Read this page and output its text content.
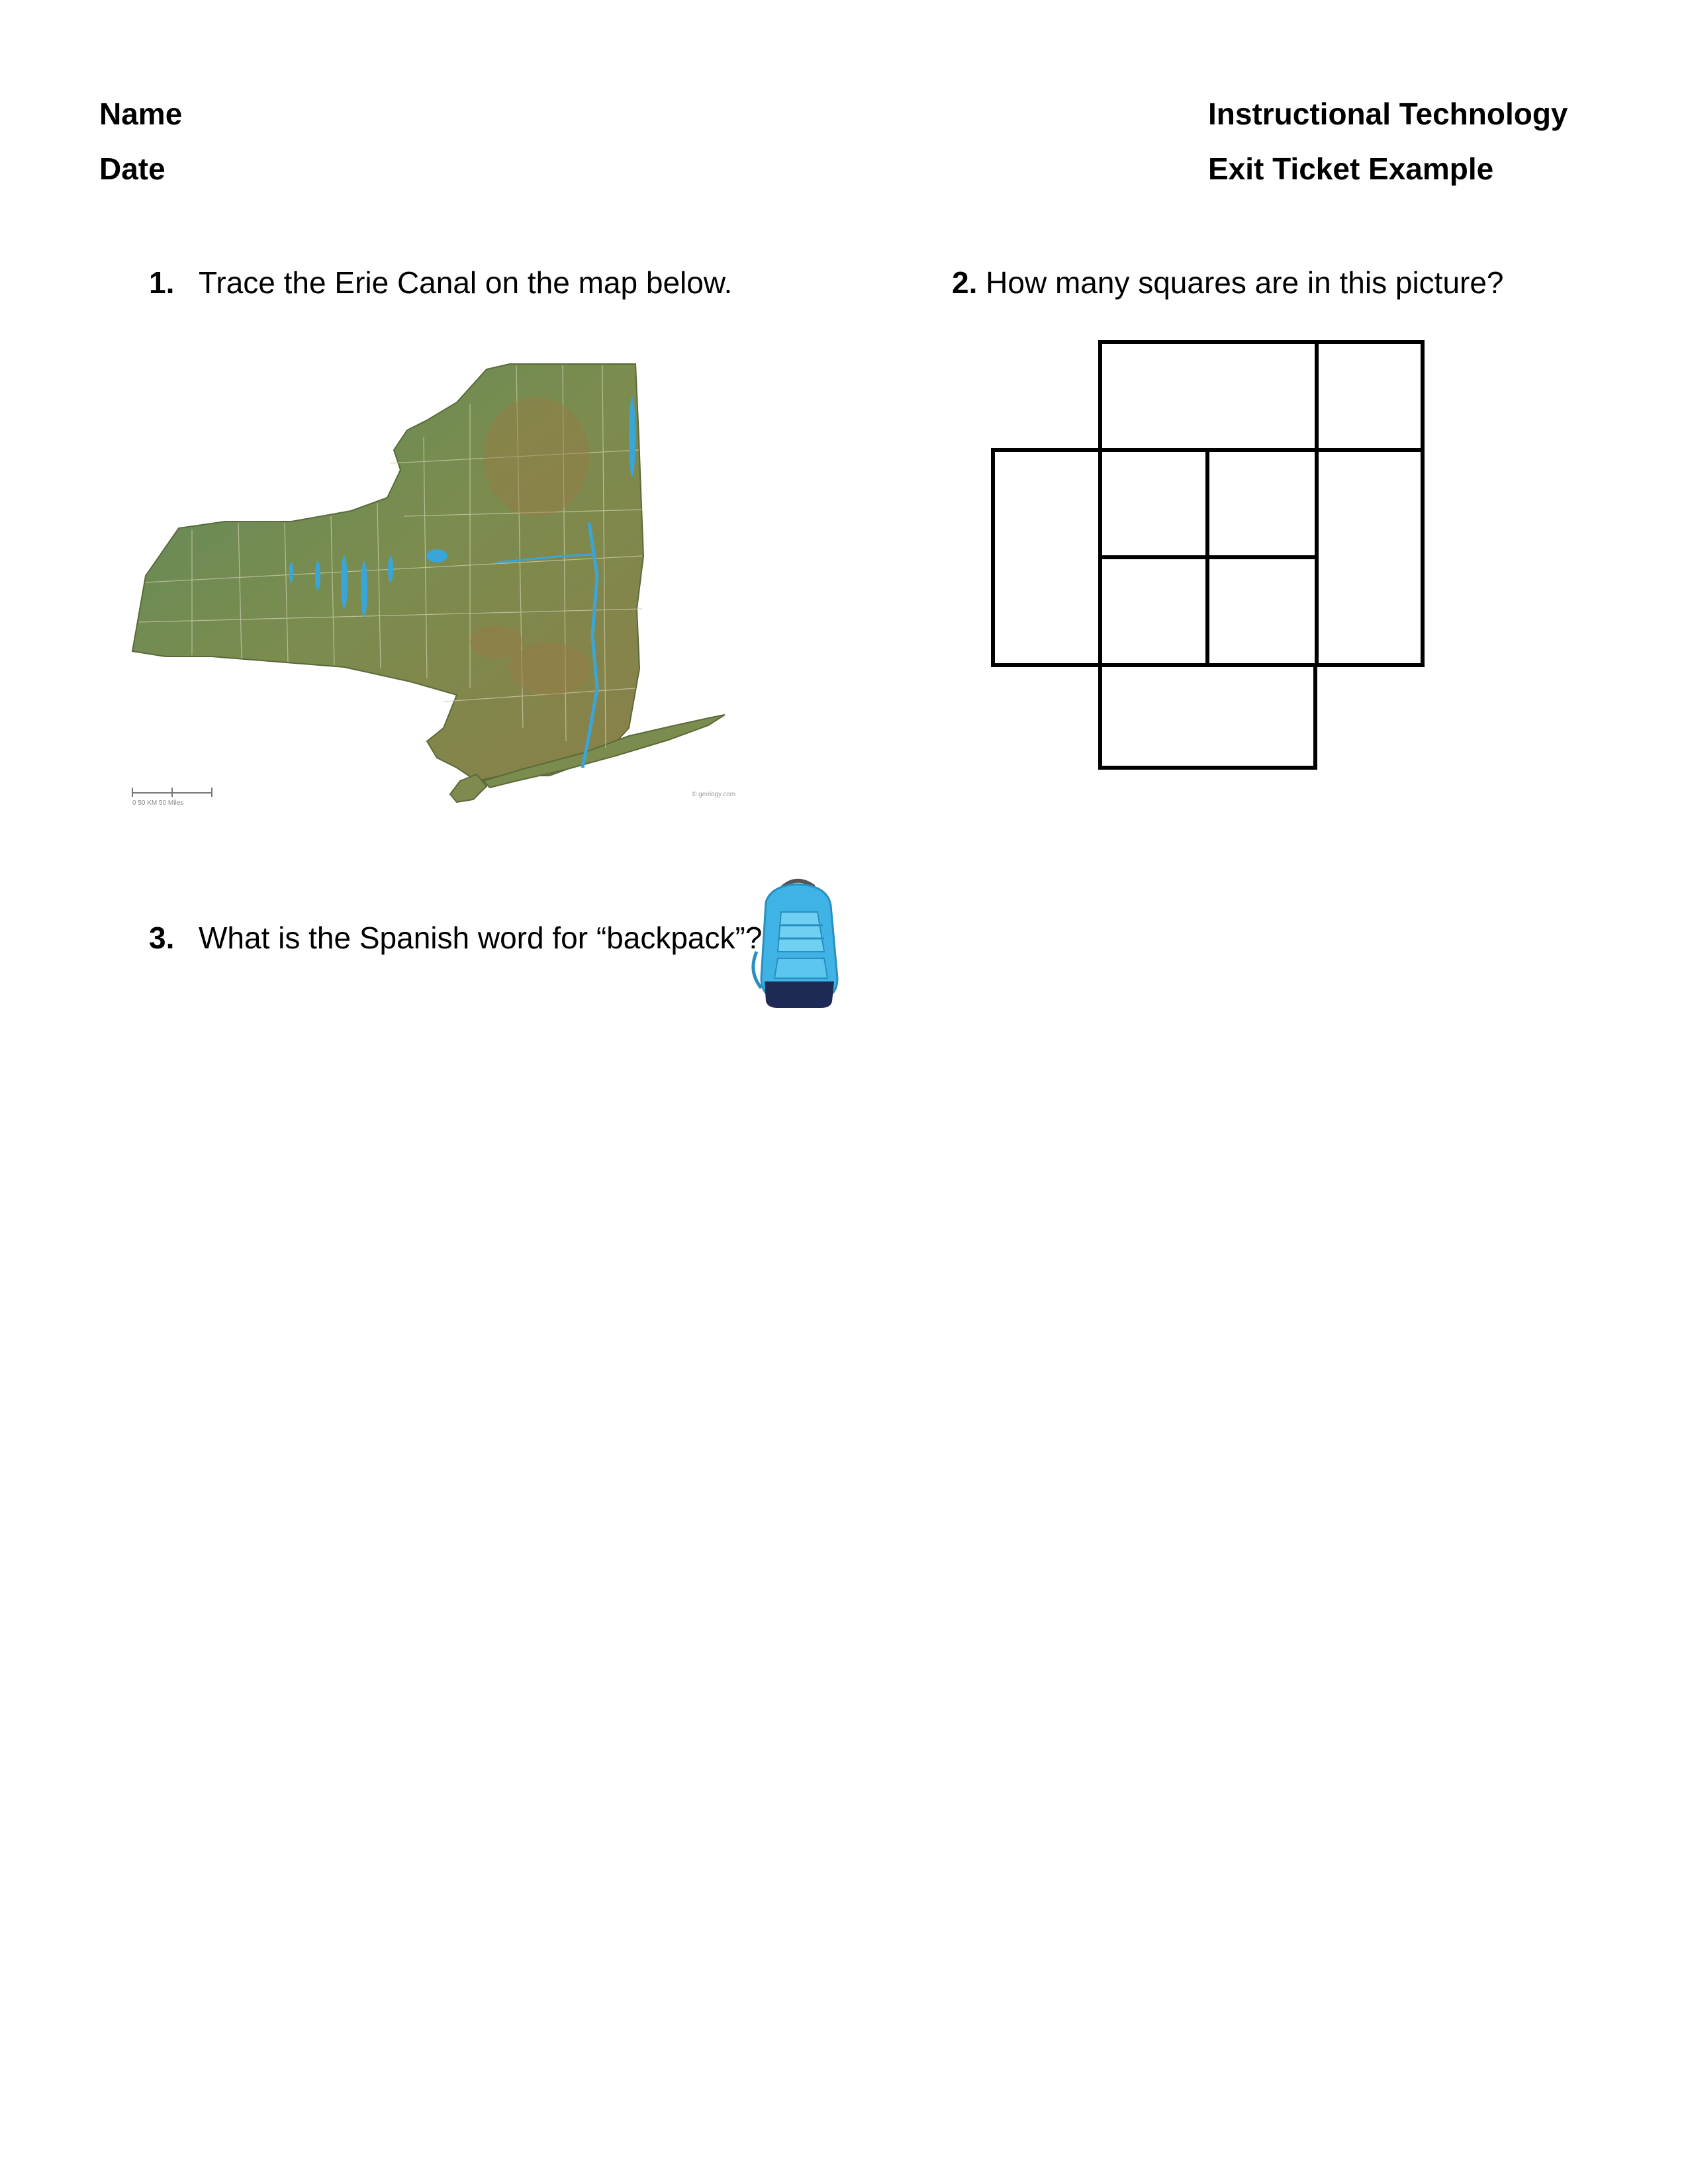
Name
Date
Instructional Technology
Exit Ticket Example
1. Trace the Erie Canal on the map below.	2. How many squares are in this picture?
3. What is the Spanish word for “backpack”?
0 50 KM 50 Miles
© geology.com
